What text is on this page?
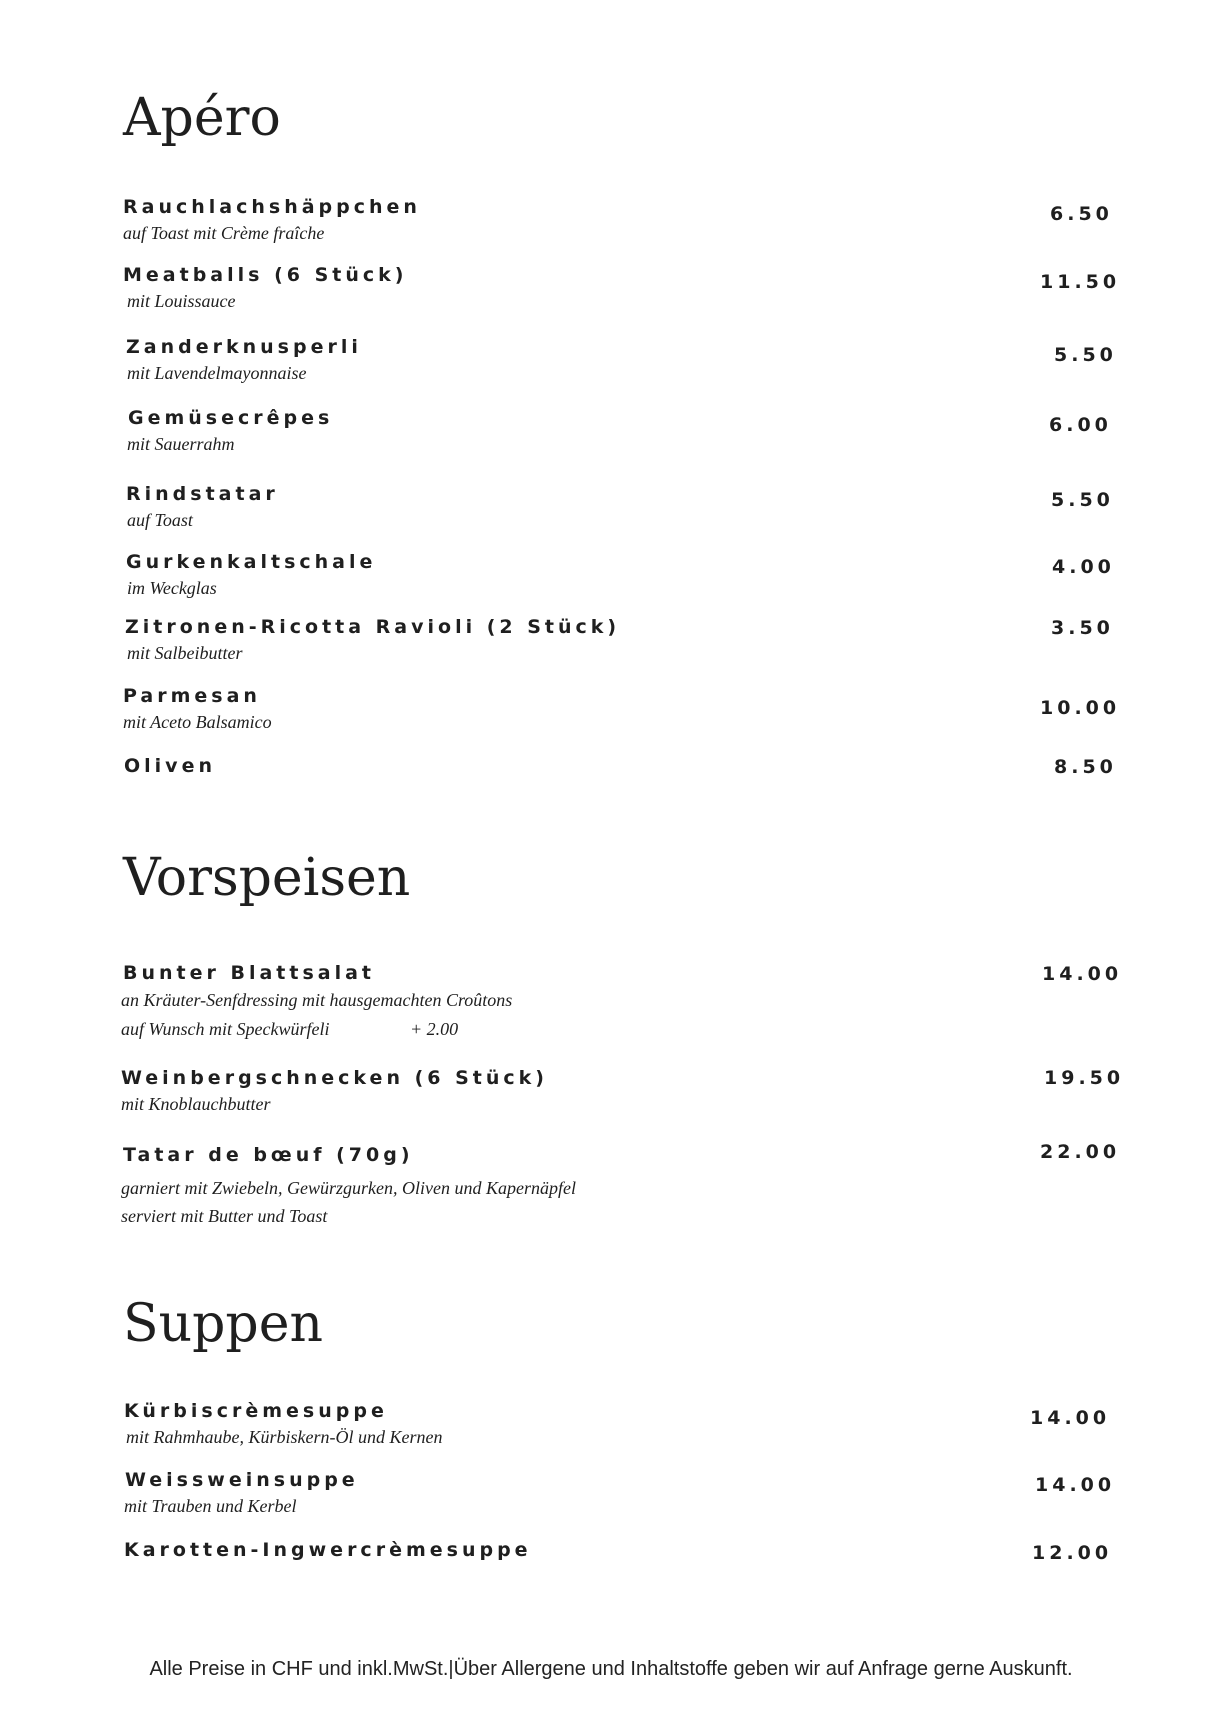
Apéro
Rauchlachshäppchen
auf Toast mit Crème fraîche
6.50
Meatballs (6 Stück)
mit Louissauce
11.50
Zanderknusperli
mit Lavendelmayonnaise
5.50
Gemüsecrêpes
mit Sauerrahm
6.00
Rindstatar
auf Toast
5.50
Gurkenkaltschale
im Weckglas
4.00
Zitronen-Ricotta Ravioli (2 Stück)
mit Salbeibutter
3.50
Parmesan
mit Aceto Balsamico
10.00
Oliven	8.50
Vorspeisen
Bunter Blattsalat
an Kräuter-Senfdressing mit hausgemachten Croûtons
auf Wunsch mit Speckwürfeli	+ 2.00
14.00
Weinbergschnecken (6 Stück)
mit Knoblauchbutter
19.50
Tatar de bœuf (70g)
garniert mit Zwiebeln, Gewürzgurken, Oliven und Kapernäpfel
serviert mit Butter und Toast
22.00
Suppen
Kürbiscrèmesuppe
mit Rahmhaube, Kürbiskern-Öl und Kernen
14.00
Weissweinsuppe
mit Trauben und Kerbel
14.00
Karotten-Ingwercrèmesuppe	12.00
Alle Preise in CHF und inkl.MwSt.|Über Allergene und Inhaltstoffe geben wir auf Anfrage gerne Auskunft.
